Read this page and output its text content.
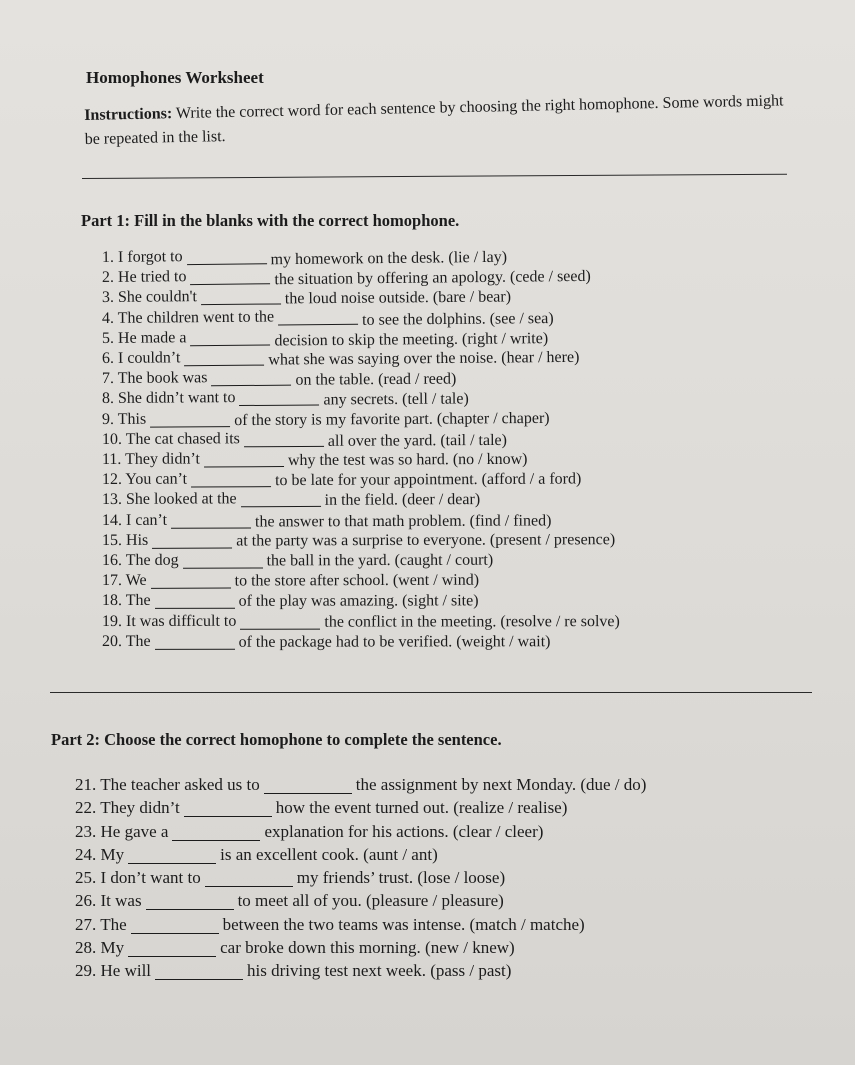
Homophones Worksheet
Instructions: Write the correct word for each sentence by choosing the right homophone. Some words might be repeated in the list.
Part 1: Fill in the blanks with the correct homophone.
1. I forgot to	my homework on the desk. (lie / lay)
2. He tried to	the situation by offering an apology. (cede / seed)
3. She couldn't	the loud noise outside. (bare / bear)
4. The children went to the	to see the dolphins. (see / sea)
5. He made a	decision to skip the meeting. (right / write)
6. I couldn’t	what she was saying over the noise. (hear / here)
7. The book was	on the table. (read / reed)
8. She didn’t want to	any secrets. (tell / tale)
9. This	of the story is my favorite part. (chapter / chaper)
10. The cat chased its	all over the yard. (tail / tale)
11. They didn’t	why the test was so hard. (no / know)
12. You can’t	to be late for your appointment. (afford / a ford)
13. She looked at the	in the field. (deer / dear)
14. I can’t	the answer to that math problem. (find / fined)
15. His	at the party was a surprise to everyone. (present / presence)
16. The dog	the ball in the yard. (caught / court)
17. We	to the store after school. (went / wind)
18. The	of the play was amazing. (sight / site)
19. It was difficult to	the conflict in the meeting. (resolve / re solve)
20. The	of the package had to be verified. (weight / wait)
Part 2: Choose the correct homophone to complete the sentence.
21. The teacher asked us to	the assignment by next Monday. (due / do)
22. They didn’t	how the event turned out. (realize / realise)
23. He gave a	explanation for his actions. (clear / cleer)
24. My	is an excellent cook. (aunt / ant)
25. I don’t want to	my friends’ trust. (lose / loose)
26. It was	to meet all of you. (pleasure / pleasure)
27. The	between the two teams was intense. (match / matche)
28. My	car broke down this morning. (new / knew)
29. He will	his driving test next week. (pass / past)
